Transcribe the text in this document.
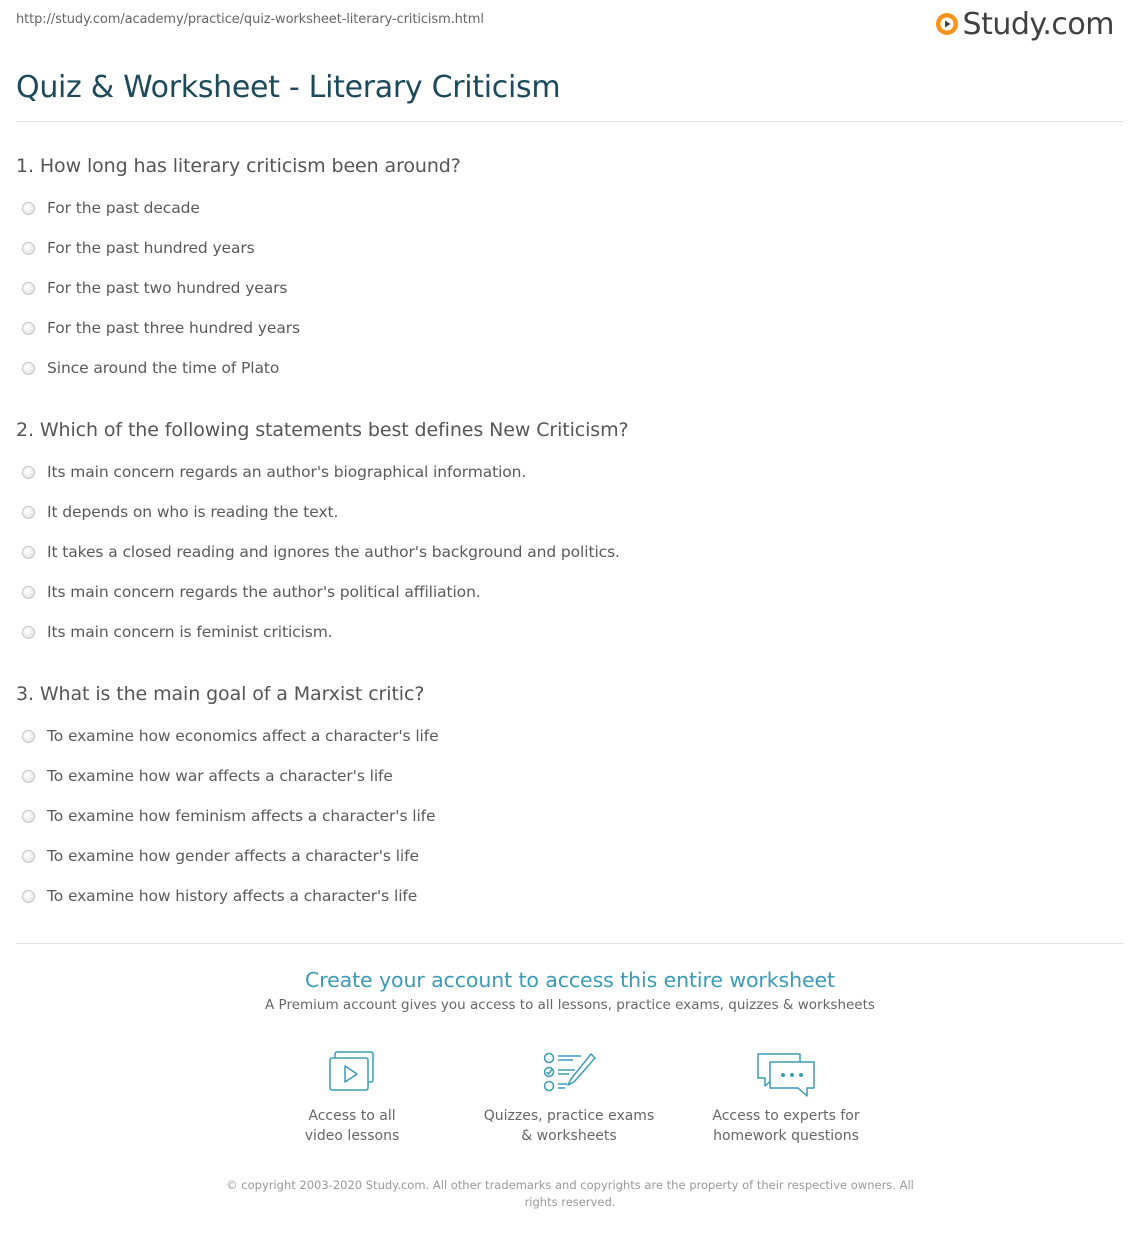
http://study.com/academy/practice/quiz-worksheet-literary-criticism.html	Study.com
Quiz & Worksheet - Literary Criticism
1. How long has literary criticism been around?
For the past decade
For the past hundred years
For the past two hundred years
For the past three hundred years
Since around the time of Plato
2. Which of the following statements best defines New Criticism?
Its main concern regards an author's biographical information.
It depends on who is reading the text.
It takes a closed reading and ignores the author's background and politics.
Its main concern regards the author's political affiliation.
Its main concern is feminist criticism.
3. What is the main goal of a Marxist critic?
To examine how economics affect a character's life
To examine how war affects a character's life
To examine how feminism affects a character's life
To examine how gender affects a character's life
To examine how history affects a character's life
Create your account to access this entire worksheet
A Premium account gives you access to all lessons, practice exams, quizzes & worksheets
Access to all
video lessons
Quizzes, practice exams
& worksheets
Access to experts for
homework questions
© copyright 2003-2020 Study.com. All other trademarks and copyrights are the property of their respective owners. All rights reserved.
